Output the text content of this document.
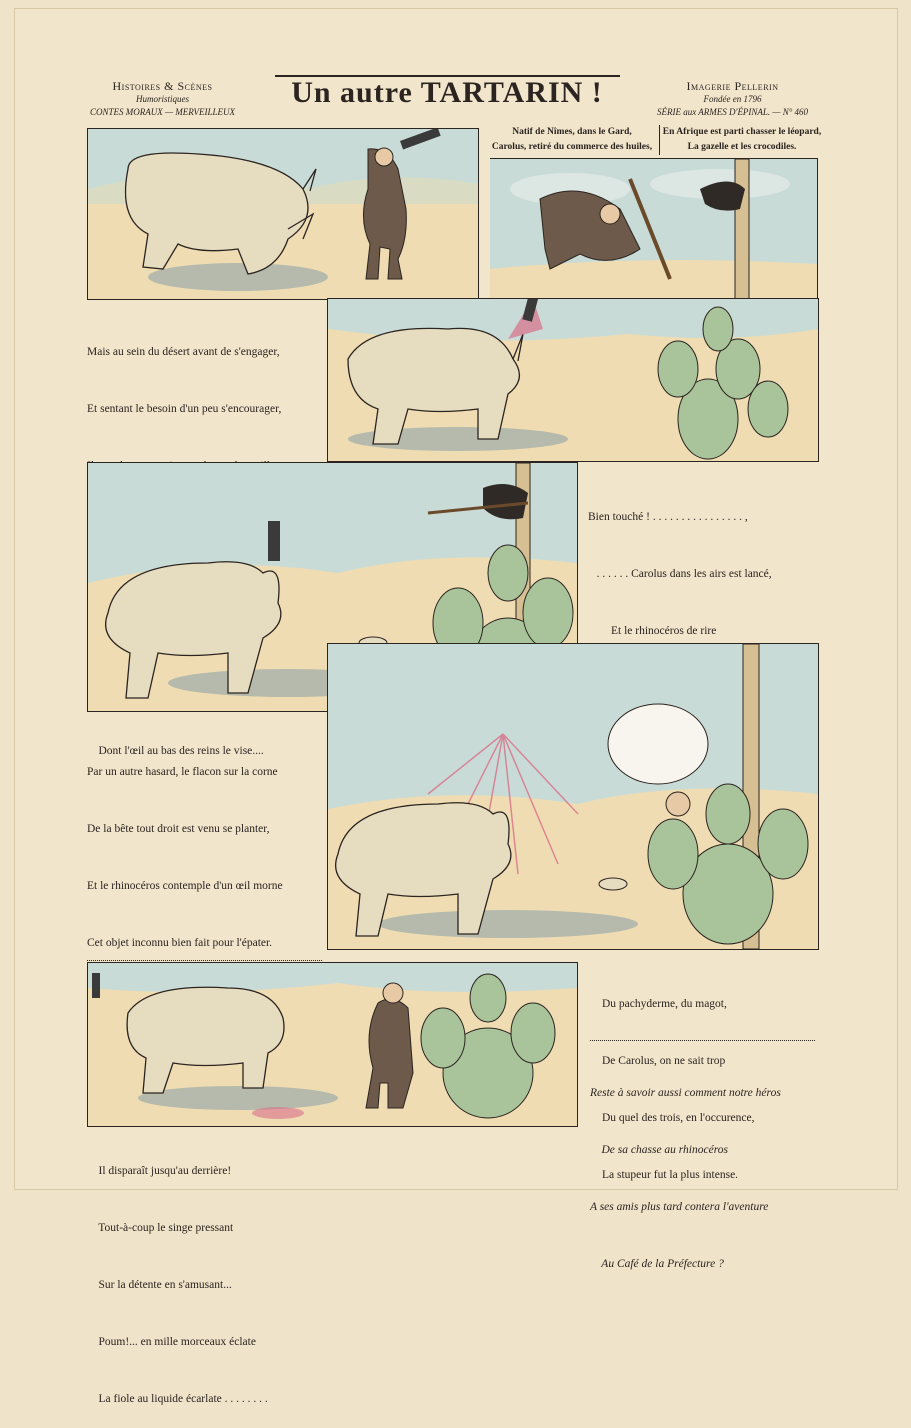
Histoires & Scènes
Humoristiques
CONTES MORAUX — MERVEILLEUX
Un autre TARTARIN !	Imagerie Pellerin
Fondée en 1796
SÉRIE aux ARMES D'ÉPINAL. — N° 460
Natif de Nîmes, dans le Gard,
Carolus, retiré du commerce des huiles,
En Afrique est parti chasser le léopard,
La gazelle et les crocodiles.

Mais au sein du désert avant de s'engager,

Et sentant le besoin d'un peu s'encourager,

Dont l'œil au bas des reins le vise....

Bien touché ! . . . . . . . . . . . . . . . . ,

. . . . . . Carolus dans les airs est lancé,

Et le rhinocéros de rire

Par un autre hasard, le flacon sur la corne

De la bête tout droit est venu se planter,

Et le rhinocéros contemple d'un œil morne

Cet objet inconnu bien fait pour l'épater.

Il disparaît jusqu'au derrière!

Tout-à-coup le singe pressant

Sur la détente en s'amusant...

Poum!... en mille morceaux éclate

La fiole au liquide écarlate . . . . . . . .

Du pachyderme, du magot,

De Carolus, on ne sait trop

Du quel des trois, en l'occurence,

La stupeur fut la plus intense.

Reste à savoir aussi comment notre héros

De sa chasse au rhinocéros

A ses amis plus tard contera l'aventure

Au Café de la Préfecture ?
